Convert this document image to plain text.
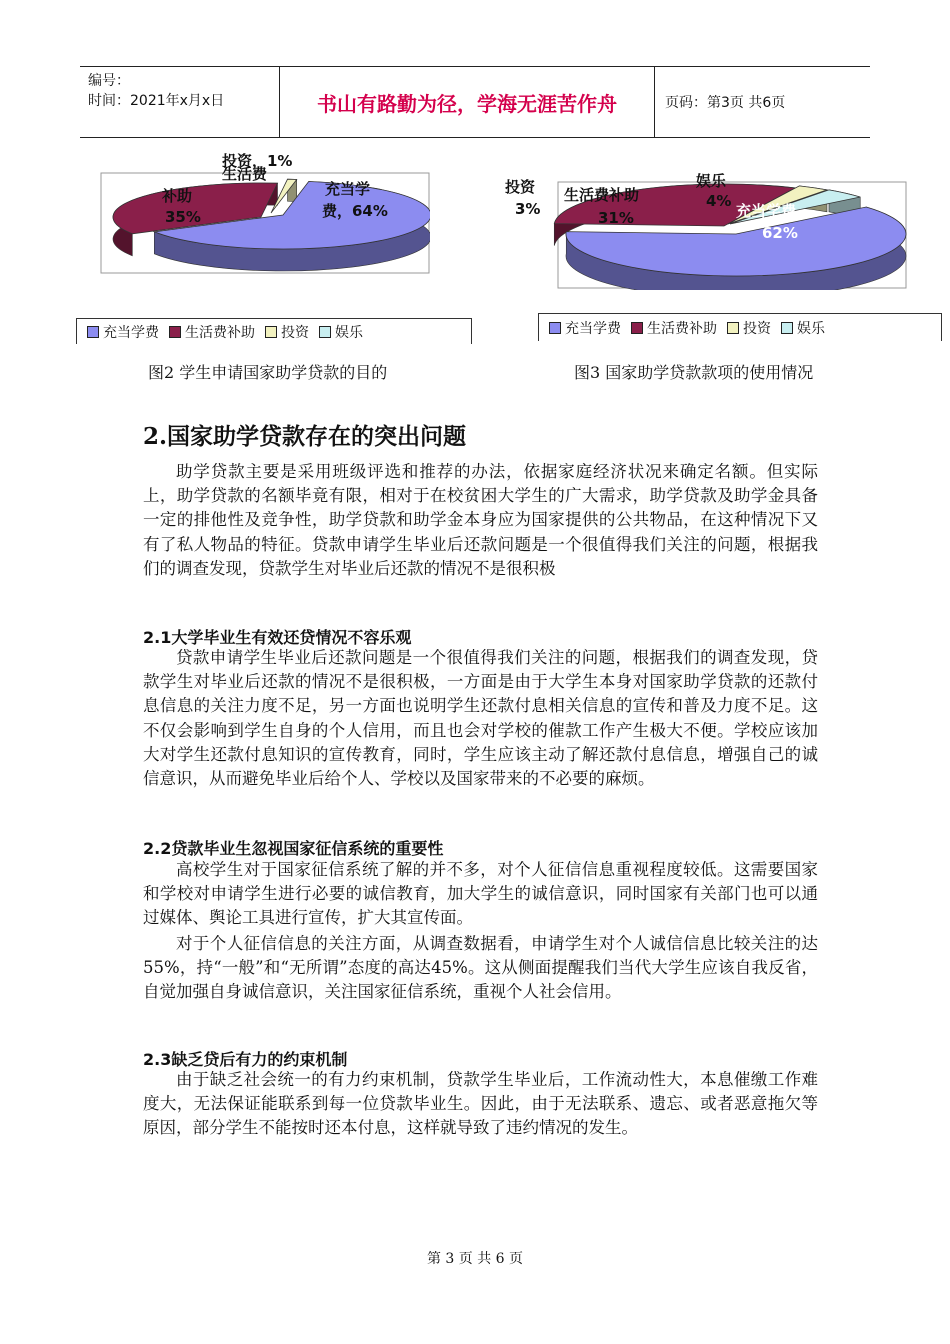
编号：
时间：2021年x月x日	书山有路勤为径，学海无涯苦作舟	页码：第3页 共6页
生活费
补助
35%
投资，1%
充当学
费，64%
充当学费 生活费补助 投资 娱乐
投资
3%
生活费补助
31%
娱乐
4%
充当学费
62%
充当学费 生活费补助 投资 娱乐
图2 学生申请国家助学贷款的目的	图3 国家助学贷款款项的使用情况
2.国家助学贷款存在的突出问题

助学贷款主要是采用班级评选和推荐的办法，依据家庭经济状况来确定名额。但实际上，助学贷款的名额毕竟有限，相对于在校贫困大学生的广大需求，助学贷款及助学金具备一定的排他性及竞争性，助学贷款和助学金本身应为国家提供的公共物品，在这种情况下又有了私人物品的特征。贷款申请学生毕业后还款问题是一个很值得我们关注的问题，根据我们的调查发现，贷款学生对毕业后还款的情况不是很积极

2.1大学毕业生有效还贷情况不容乐观

贷款申请学生毕业后还款问题是一个很值得我们关注的问题，根据我们的调查发现，贷款学生对毕业后还款的情况不是很积极，一方面是由于大学生本身对国家助学贷款的还款付息信息的关注力度不足，另一方面也说明学生还款付息相关信息的宣传和普及力度不足。这不仅会影响到学生自身的个人信用，而且也会对学校的催款工作产生极大不便。学校应该加大对学生还款付息知识的宣传教育，同时，学生应该主动了解还款付息信息，增强自己的诚信意识，从而避免毕业后给个人、学校以及国家带来的不必要的麻烦。

2.2贷款毕业生忽视国家征信系统的重要性

高校学生对于国家征信系统了解的并不多，对个人征信信息重视程度较低。这需要国家和学校对申请学生进行必要的诚信教育，加大学生的诚信意识，同时国家有关部门也可以通过媒体、舆论工具进行宣传，扩大其宣传面。

对于个人征信信息的关注方面，从调查数据看，申请学生对个人诚信信息比较关注的达55%，持“一般”和“无所谓”态度的高达45%。这从侧面提醒我们当代大学生应该自我反省，自觉加强自身诚信意识，关注国家征信系统，重视个人社会信用。

2.3缺乏贷后有力的约束机制

由于缺乏社会统一的有力约束机制，贷款学生毕业后，工作流动性大，本息催缴工作难度大，无法保证能联系到每一位贷款毕业生。因此，由于无法联系、遗忘、或者恶意拖欠等原因，部分学生不能按时还本付息，这样就导致了违约情况的发生。

第 3 页 共 6 页
